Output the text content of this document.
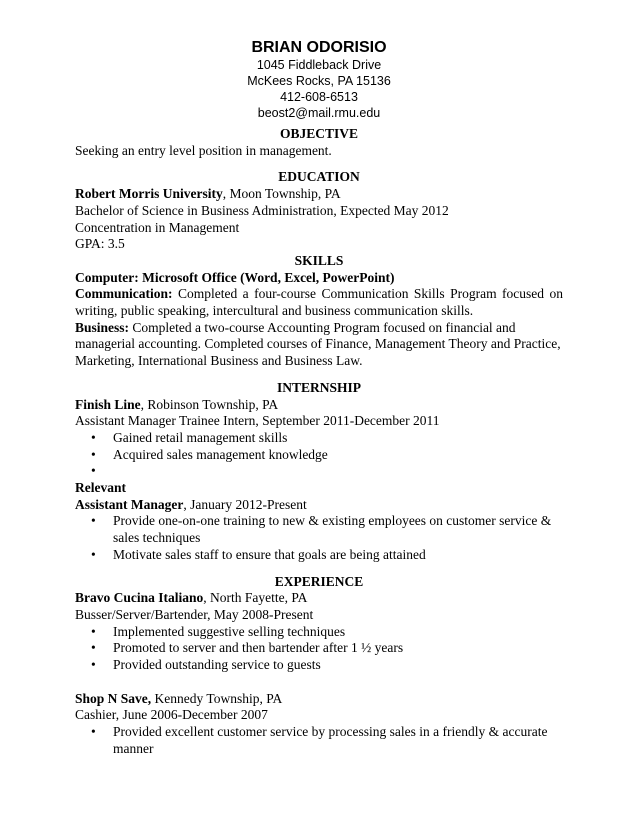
BRIAN ODORISIO
1045 Fiddleback Drive
McKees Rocks, PA 15136
412-608-6513
beost2@mail.rmu.edu
OBJECTIVE
Seeking an entry level position in management.
EDUCATION
Robert Morris University, Moon Township, PA
Bachelor of Science in Business Administration, Expected May 2012
Concentration in Management
GPA: 3.5
SKILLS
Computer: Microsoft Office (Word, Excel, PowerPoint)
Communication: Completed a four-course Communication Skills Program focused on writing, public speaking, intercultural and business communication skills.
Business: Completed a two-course Accounting Program focused on financial and managerial accounting. Completed courses of Finance, Management Theory and Practice, Marketing, International Business and Business Law.
INTERNSHIP
Finish Line, Robinson Township, PA
Assistant Manager Trainee Intern, September 2011-December 2011
• Gained retail management skills
• Acquired sales management knowledge
•
Relevant
Assistant Manager, January 2012-Present
• Provide one-on-one training to new & existing employees on customer service & sales techniques
• Motivate sales staff to ensure that goals are being attained
EXPERIENCE
Bravo Cucina Italiano, North Fayette, PA
Busser/Server/Bartender, May 2008-Present
• Implemented suggestive selling techniques
• Promoted to server and then bartender after 1 ½ years
• Provided outstanding service to guests
Shop N Save, Kennedy Township, PA
Cashier, June 2006-December 2007
• Provided excellent customer service by processing sales in a friendly & accurate manner
